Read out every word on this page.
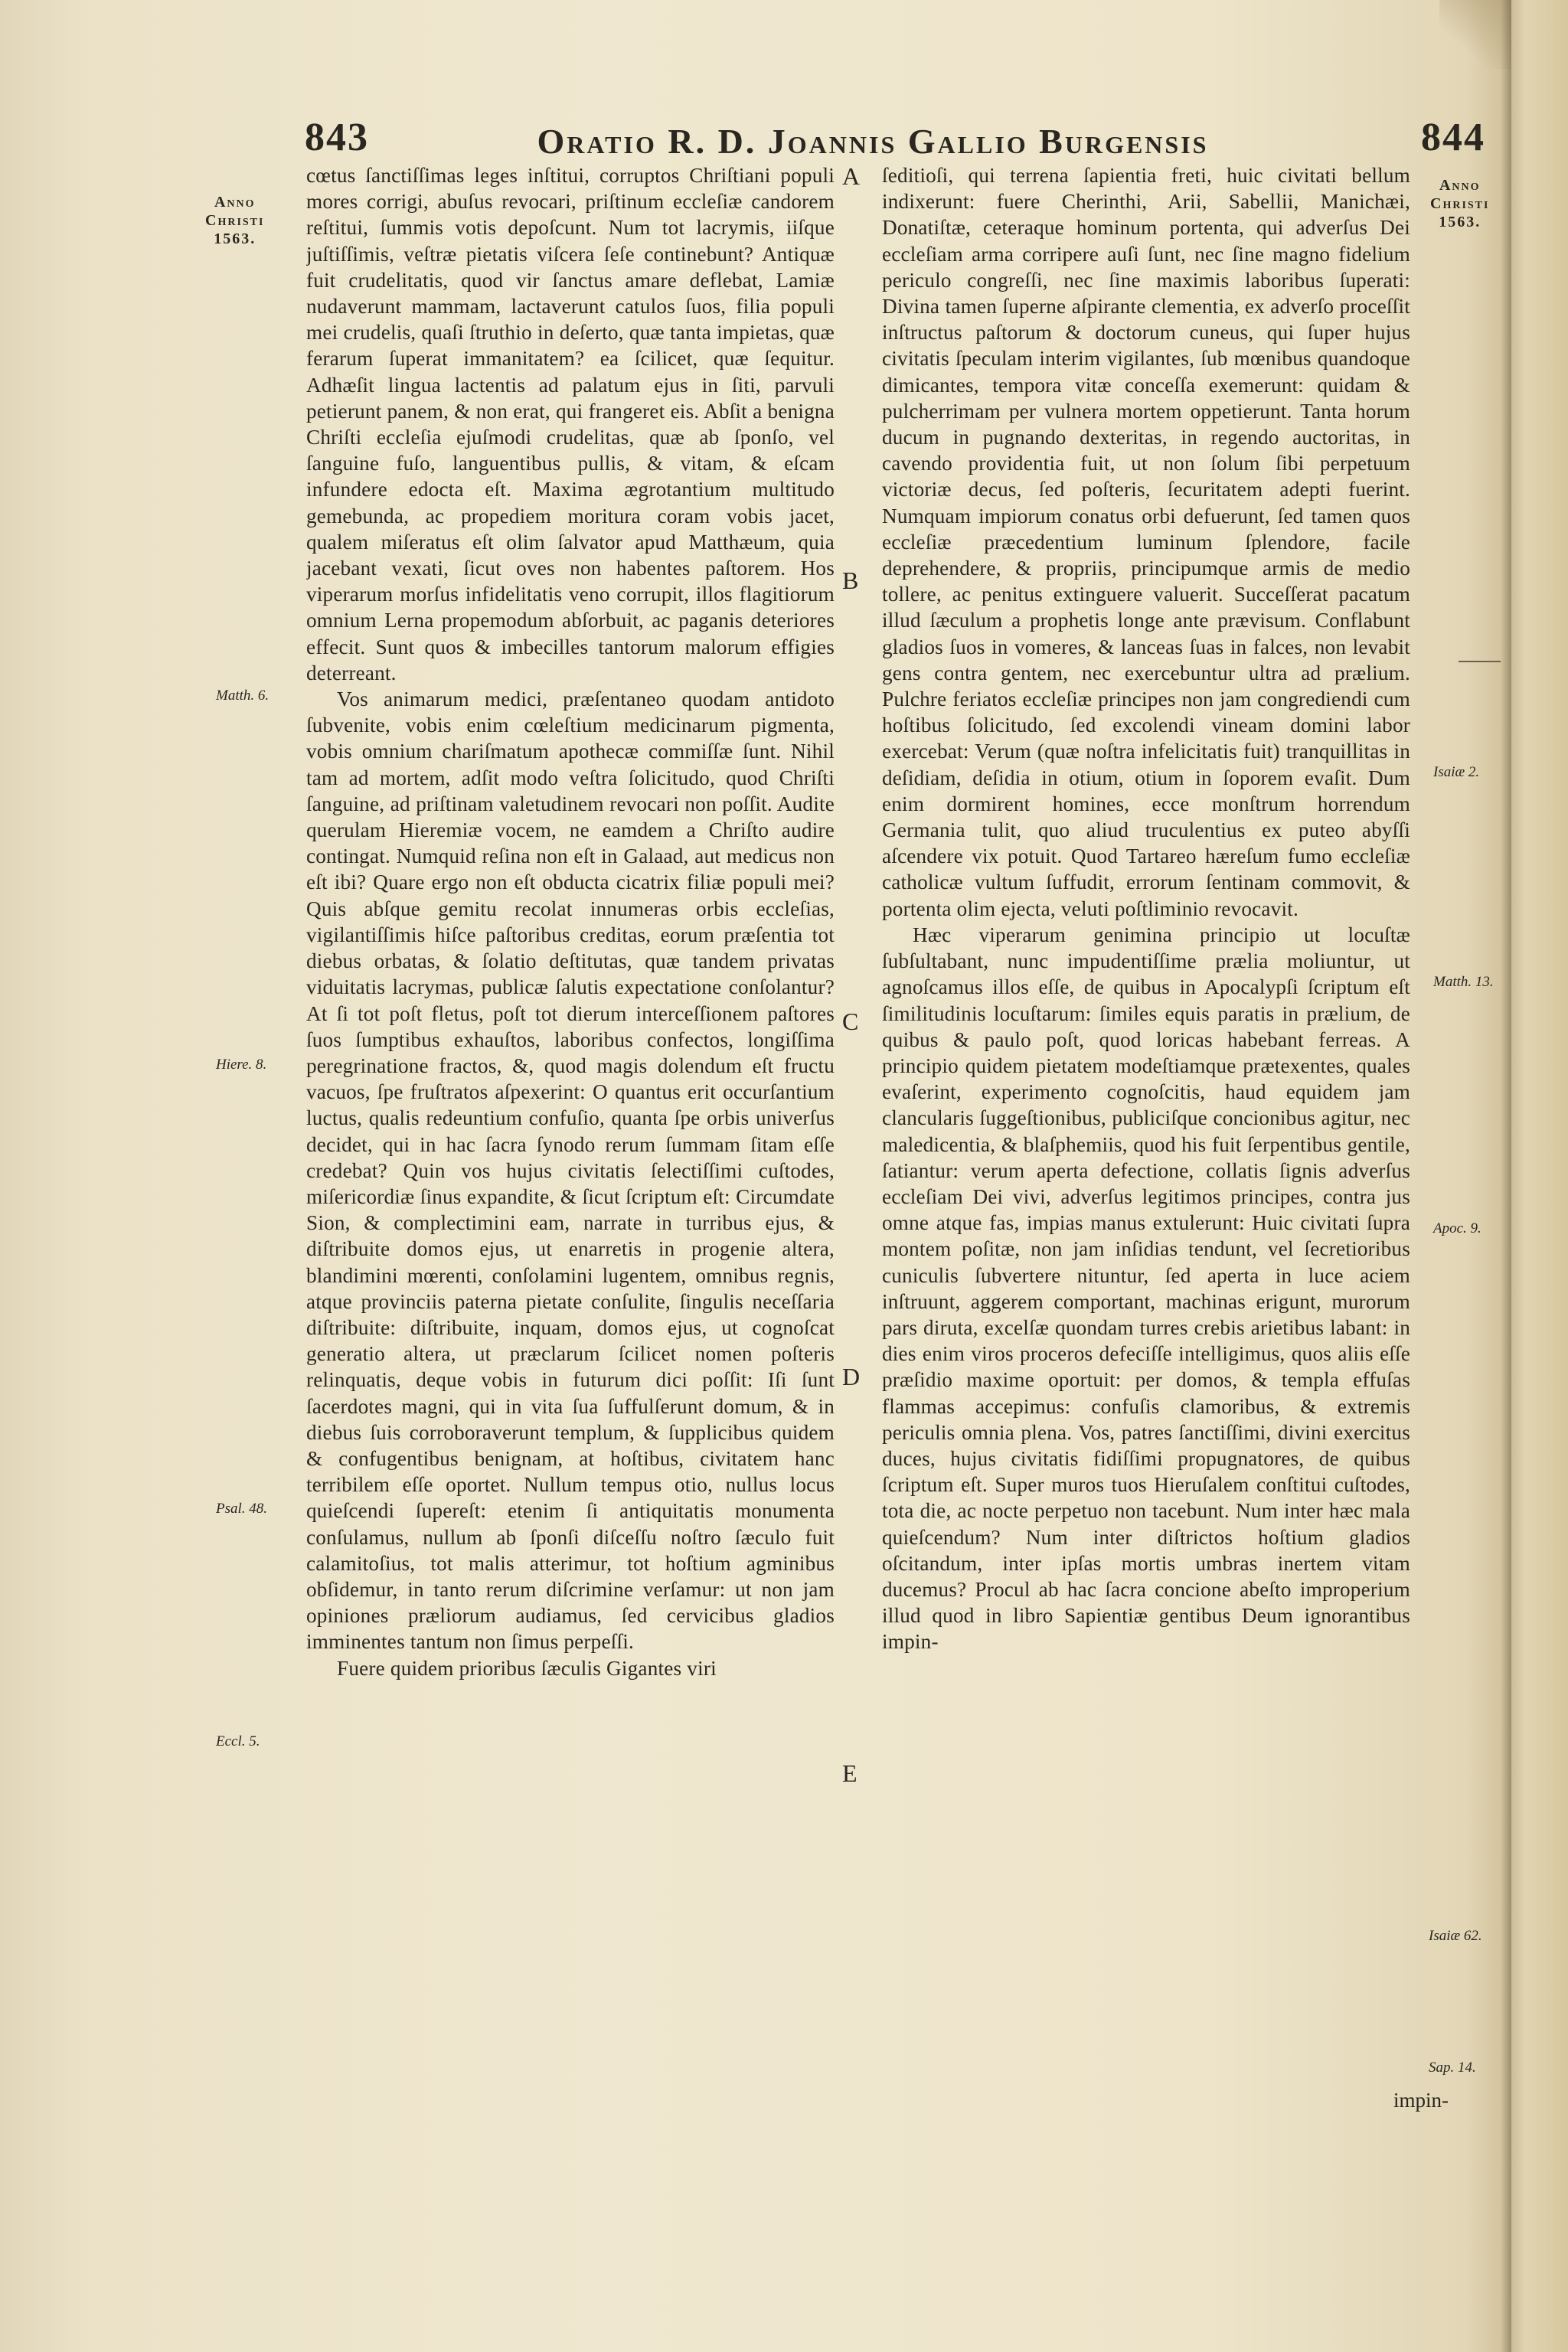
843	Oratio R. D. Joannis Gallio Burgensis	844
Anno
Christi
1563.
Matth. 6.
Hiere. 8.
Psal. 48.
Eccl. 5.
A
B
C
D
E
Anno
Christi
1563.
Isaiæ 2.
Matth. 13.
Apoc. 9.
Isaiæ 62.
Sap. 14.

cœtus ſanctiſſimas leges inſtitui, corruptos Chriſtiani populi mores corrigi, abuſus revocari, priſtinum eccleſiæ candorem reſtitui, ſummis votis depoſcunt. Num tot lacrymis, iiſque juſtiſſimis, veſtræ pietatis viſcera ſeſe continebunt? Antiquæ fuit crudelitatis, quod vir ſanctus amare deflebat, Lamiæ nudaverunt mammam, lactaverunt catulos ſuos, filia populi mei crudelis, quaſi ſtruthio in deſerto, quæ tanta impietas, quæ ferarum ſuperat immanitatem? ea ſcilicet, quæ ſequitur. Adhæſit lingua lactentis ad palatum ejus in ſiti, parvuli petierunt panem, & non erat, qui frangeret eis. Abſit a benigna Chriſti eccleſia ejuſmodi crudelitas, quæ ab ſponſo, vel ſanguine fuſo, languentibus pullis, & vitam, & eſcam infundere edocta eſt. Maxima ægrotantium multitudo gemebunda, ac propediem moritura coram vobis jacet, qualem miſeratus eſt olim ſalvator apud Matthæum, quia jacebant vexati, ſicut oves non habentes paſtorem. Hos viperarum morſus infidelitatis veno corrupit, illos flagitiorum omnium Lerna propemodum abſorbuit, ac paganis deteriores effecit. Sunt quos & imbecilles tantorum malorum effigies deterreant.

Vos animarum medici, præſentaneo quodam antidoto ſubvenite, vobis enim cœleſtium medicinarum pigmenta, vobis omnium chariſmatum apothecæ commiſſæ ſunt. Nihil tam ad mortem, adſit modo veſtra ſolicitudo, quod Chriſti ſanguine, ad priſtinam valetudinem revocari non poſſit. Audite querulam Hieremiæ vocem, ne eamdem a Chriſto audire contingat. Numquid reſina non eſt in Galaad, aut medicus non eſt ibi? Quare ergo non eſt obducta cicatrix filiæ populi mei? Quis abſque gemitu recolat innumeras orbis eccleſias, vigilantiſſimis hiſce paſtoribus creditas, eorum præſentia tot diebus orbatas, & ſolatio deſtitutas, quæ tandem privatas viduitatis lacrymas, publicæ ſalutis expectatione conſolantur? At ſi tot poſt fletus, poſt tot dierum interceſſionem paſtores ſuos ſumptibus exhauſtos, laboribus confectos, longiſſima peregrinatione fractos, &, quod magis dolendum eſt fructu vacuos, ſpe fruſtratos aſpexerint: O quantus erit occurſantium luctus, qualis redeuntium confuſio, quanta ſpe orbis univerſus decidet, qui in hac ſacra ſynodo rerum ſummam ſitam eſſe credebat? Quin vos hujus civitatis ſelectiſſimi cuſtodes, miſericordiæ ſinus expandite, & ſicut ſcriptum eſt: Circumdate Sion, & complectimini eam, narrate in turribus ejus, & diſtribuite domos ejus, ut enarretis in progenie altera, blandimini mœrenti, conſolamini lugentem, omnibus regnis, atque provinciis paterna pietate conſulite, ſingulis neceſſaria diſtribuite: diſtribuite, inquam, domos ejus, ut cognoſcat generatio altera, ut præclarum ſcilicet nomen poſteris relinquatis, deque vobis in futurum dici poſſit: Iſi ſunt ſacerdotes magni, qui in vita ſua ſuffulſerunt domum, & in diebus ſuis corroboraverunt templum, & ſupplicibus quidem & confugentibus benignam, at hoſtibus, civitatem hanc terribilem eſſe oportet. Nullum tempus otio, nullus locus quieſcendi ſupereſt: etenim ſi antiquitatis monumenta conſulamus, nullum ab ſponſi diſceſſu noſtro ſæculo fuit calamitoſius, tot malis atterimur, tot hoſtium agminibus obſidemur, in tanto rerum diſcrimine verſamur: ut non jam opiniones præliorum audiamus, ſed cervicibus gladios imminentes tantum non ſimus perpeſſi.

Fuere quidem prioribus ſæculis Gigantes viri

ſeditioſi, qui terrena ſapientia freti, huic civitati bellum indixerunt: fuere Cherinthi, Arii, Sabellii, Manichæi, Donatiſtæ, ceteraque hominum portenta, qui adverſus Dei eccleſiam arma corripere auſi ſunt, nec ſine magno fidelium periculo congreſſi, nec ſine maximis laboribus ſuperati: Divina tamen ſuperne aſpirante clementia, ex adverſo proceſſit inſtructus paſtorum & doctorum cuneus, qui ſuper hujus civitatis ſpeculam interim vigilantes, ſub mœnibus quandoque dimicantes, tempora vitæ conceſſa exemerunt: quidam & pulcherrimam per vulnera mortem oppetierunt. Tanta horum ducum in pugnando dexteritas, in regendo auctoritas, in cavendo providentia fuit, ut non ſolum ſibi perpetuum victoriæ decus, ſed poſteris, ſecuritatem adepti fuerint. Numquam impiorum conatus orbi defuerunt, ſed tamen quos eccleſiæ præcedentium luminum ſplendore, facile deprehendere, & propriis, principumque armis de medio tollere, ac penitus extinguere valuerit. Succeſſerat pacatum illud ſæculum a prophetis longe ante prævisum. Conflabunt gladios ſuos in vomeres, & lanceas ſuas in falces, non levabit gens contra gentem, nec exercebuntur ultra ad prælium. Pulchre feriatos eccleſiæ principes non jam congrediendi cum hoſtibus ſolicitudo, ſed excolendi vineam domini labor exercebat: Verum (quæ noſtra infelicitatis fuit) tranquillitas in deſidiam, deſidia in otium, otium in ſoporem evaſit. Dum enim dormirent homines, ecce monſtrum horrendum Germania tulit, quo aliud truculentius ex puteo abyſſi aſcendere vix potuit. Quod Tartareo hæreſum fumo eccleſiæ catholicæ vultum ſuffudit, errorum ſentinam commovit, & portenta olim ejecta, veluti poſtliminio revocavit.

Hæc viperarum genimina principio ut locuſtæ ſubſultabant, nunc impudentiſſime prælia moliuntur, ut agnoſcamus illos eſſe, de quibus in Apocalypſi ſcriptum eſt ſimilitudinis locuſtarum: ſimiles equis paratis in prælium, de quibus & paulo poſt, quod loricas habebant ferreas. A principio quidem pietatem modeſtiamque prætexentes, quales evaſerint, experimento cognoſcitis, haud equidem jam clancularis ſuggeſtionibus, publiciſque concionibus agitur, nec maledicentia, & blaſphemiis, quod his fuit ſerpentibus gentile, ſatiantur: verum aperta defectione, collatis ſignis adverſus eccleſiam Dei vivi, adverſus legitimos principes, contra jus omne atque fas, impias manus extulerunt: Huic civitati ſupra montem poſitæ, non jam inſidias tendunt, vel ſecretioribus cuniculis ſubvertere nituntur, ſed aperta in luce aciem inſtruunt, aggerem comportant, machinas erigunt, murorum pars diruta, excelſæ quondam turres crebis arietibus labant: in dies enim viros proceros defeciſſe intelligimus, quos aliis eſſe præſidio maxime oportuit: per domos, & templa effuſas flammas accepimus: confuſis clamoribus, & extremis periculis omnia plena. Vos, patres ſanctiſſimi, divini exercitus duces, hujus civitatis fidiſſimi propugnatores, de quibus ſcriptum eſt. Super muros tuos Hieruſalem conſtitui cuſtodes, tota die, ac nocte perpetuo non tacebunt. Num inter hæc mala quieſcendum? Num inter diſtrictos hoſtium gladios oſcitandum, inter ipſas mortis umbras inertem vitam ducemus? Procul ab hac ſacra concione abeſto improperium illud quod in libro Sapientiæ gentibus Deum ignorantibus impin-

impin-
